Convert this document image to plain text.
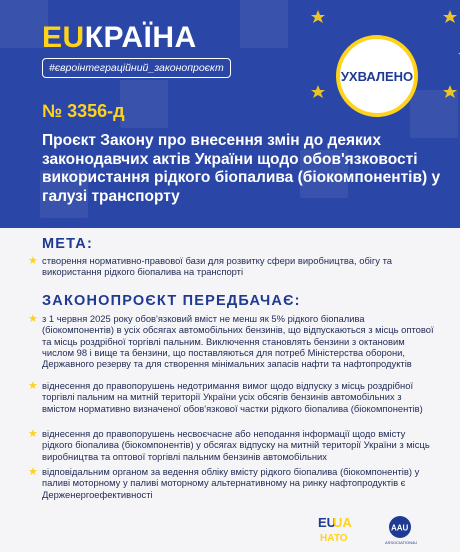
EUКРАЇНА
#євроінтеграційний_законопроєкт
УХВАЛЕНО
№ 3356-д
Проєкт Закону про внесення змін до деяких законодавчих актів України щодо обов'язковості використання рідкого біопалива (біокомпонентів) у галузі транспорту
МЕТА:
★ створення нормативно-правової бази для розвитку сфери виробництва, обігу та використання рідкого біопалива на транспорті
ЗАКОНОПРОЄКТ ПЕРЕДБАЧАЄ:
★ з 1 червня 2025 року обов'язковий вміст не менш як 5% рідкого біопалива (біокомпонентів) в усіх обсягах автомобільних бензинів, що відпускаються з місць оптової та місць роздрібної торгівлі пальним. Виключення становлять бензини з октановим числом 98 і вище та бензини, що поставляються для потреб Міністерства оборони, Державного резерву та для створення мінімальних запасів нафти та нафтопродуктів
★ віднесення до правопорушень недотримання вимог щодо відпуску з місць роздрібної торгівлі пальним на митній території України усіх обсягів бензинів автомобільних з вмістом нормативно визначеної обов'язкової частки рідкого біопалива (біокомпонентів)
★ віднесення до правопорушень несвоєчасне або неподання інформації щодо вмісту рідкого біопалива (біокомпонентів) у обсягах відпуску на митній території України з місць виробництва та оптової торгівлі пальним бензинів автомобільних
★ відповідальним органом за ведення обліку вмісту рідкого біопалива (біокомпонентів) у паливі моторному у паливі моторному альтернативному на ринку нафтопродуктів є Держенергоефективності
EU
UA
НАТО
AAU
ASSOCIATION4U
